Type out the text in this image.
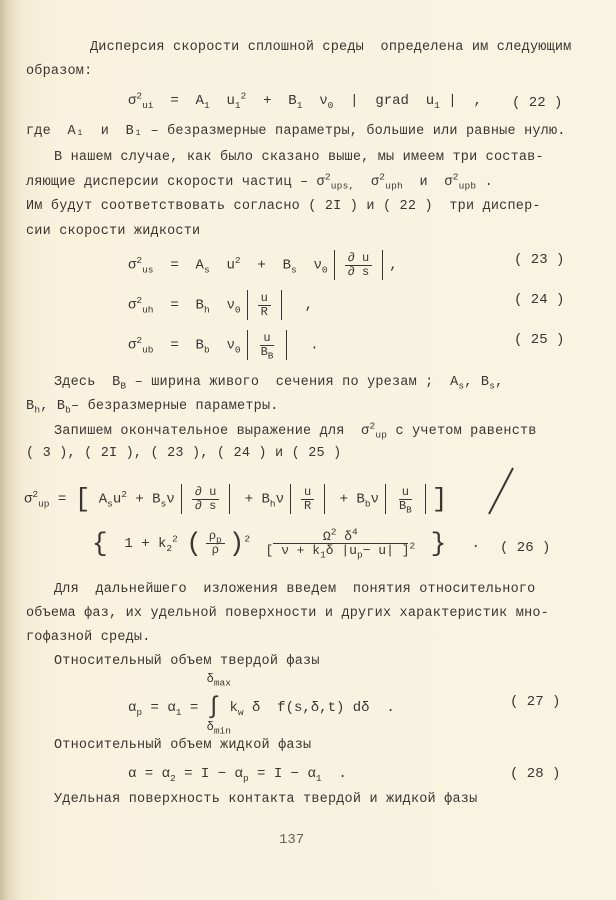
Дисперсия скорости сплошной среды  определена им следующим
образом:
$\sigma^2_{ui} = A_1$  $u_1^2 + B_1$  $\nu_0$  |  grad  $u_1$ |  , ( 22 )
где  A₁  и  B₁ – безразмерные параметры, большие или равные нулю.
В нашем случае, как было сказано выше, мы имеем три состав-
ляющие дисперсии скорости частиц – $\sigma^2_{ups,}$  $\sigma^2_{uph}$  и  $\sigma^2_{upb}$ .
Им будут соответствовать согласно ( 2I ) и ( 22 )  три диспер-
сии скорости жидкости
$\sigma^2_{us} = A_s$  $u^2 + B_s$  $\nu_0 \frac{\partial u}{\partial s}$ ,	( 23 )
$\sigma^2_{uh} = B_h$  $\nu_0 \frac{u}{R}$ ,	( 24 )
$\sigma^2_{ub} = B_b$  $\nu_0 \frac{u}{B_B}$ .	( 25 )
Здесь  $B_B$ – ширина живого  сечения по урезам ;  $A_s$, $B_s$,
$B_h$, $B_b-$ безразмерные параметры.
Запишем окончательное выражение для  $\sigma^2_{up}$ с учетом равенств
( 3 ), ( 2I ), ( 23 ), ( 24 ) и ( 25 )
$\sigma^2_{up}$ = [ $A_su^2 + B_s\nu \frac{\partial u}{\partial s} + B_h\nu \frac{u}{R} + B_b\nu \frac{u}{B_B}$ ]
{  $1 + k_2^2$ ( $\frac{\rho_p}{\rho} )^2 \frac{\Omega^2 \delta^4}{[ \nu + k_1\delta |u_p- u| ]^2}$ }   . ( 26 )
Для  дальнейшего  изложения введем  понятия относительного
объема фаз, их удельной поверхности и других характеристик мно-
гофазной среды.
Относительный объем твердой фазы
$\alpha_p = \alpha_1$ = ∫
$\delta_{max}$
$\delta_{min}$
$k_w$ δ  f(s,δ,t) dδ  .	( 27 )
Относительный объем жидкой фазы
$\alpha = \alpha_2 = I - \alpha_p = I - \alpha_1$  .	( 28 )
Удельная поверхность контакта твердой и жидкой фазы
137
